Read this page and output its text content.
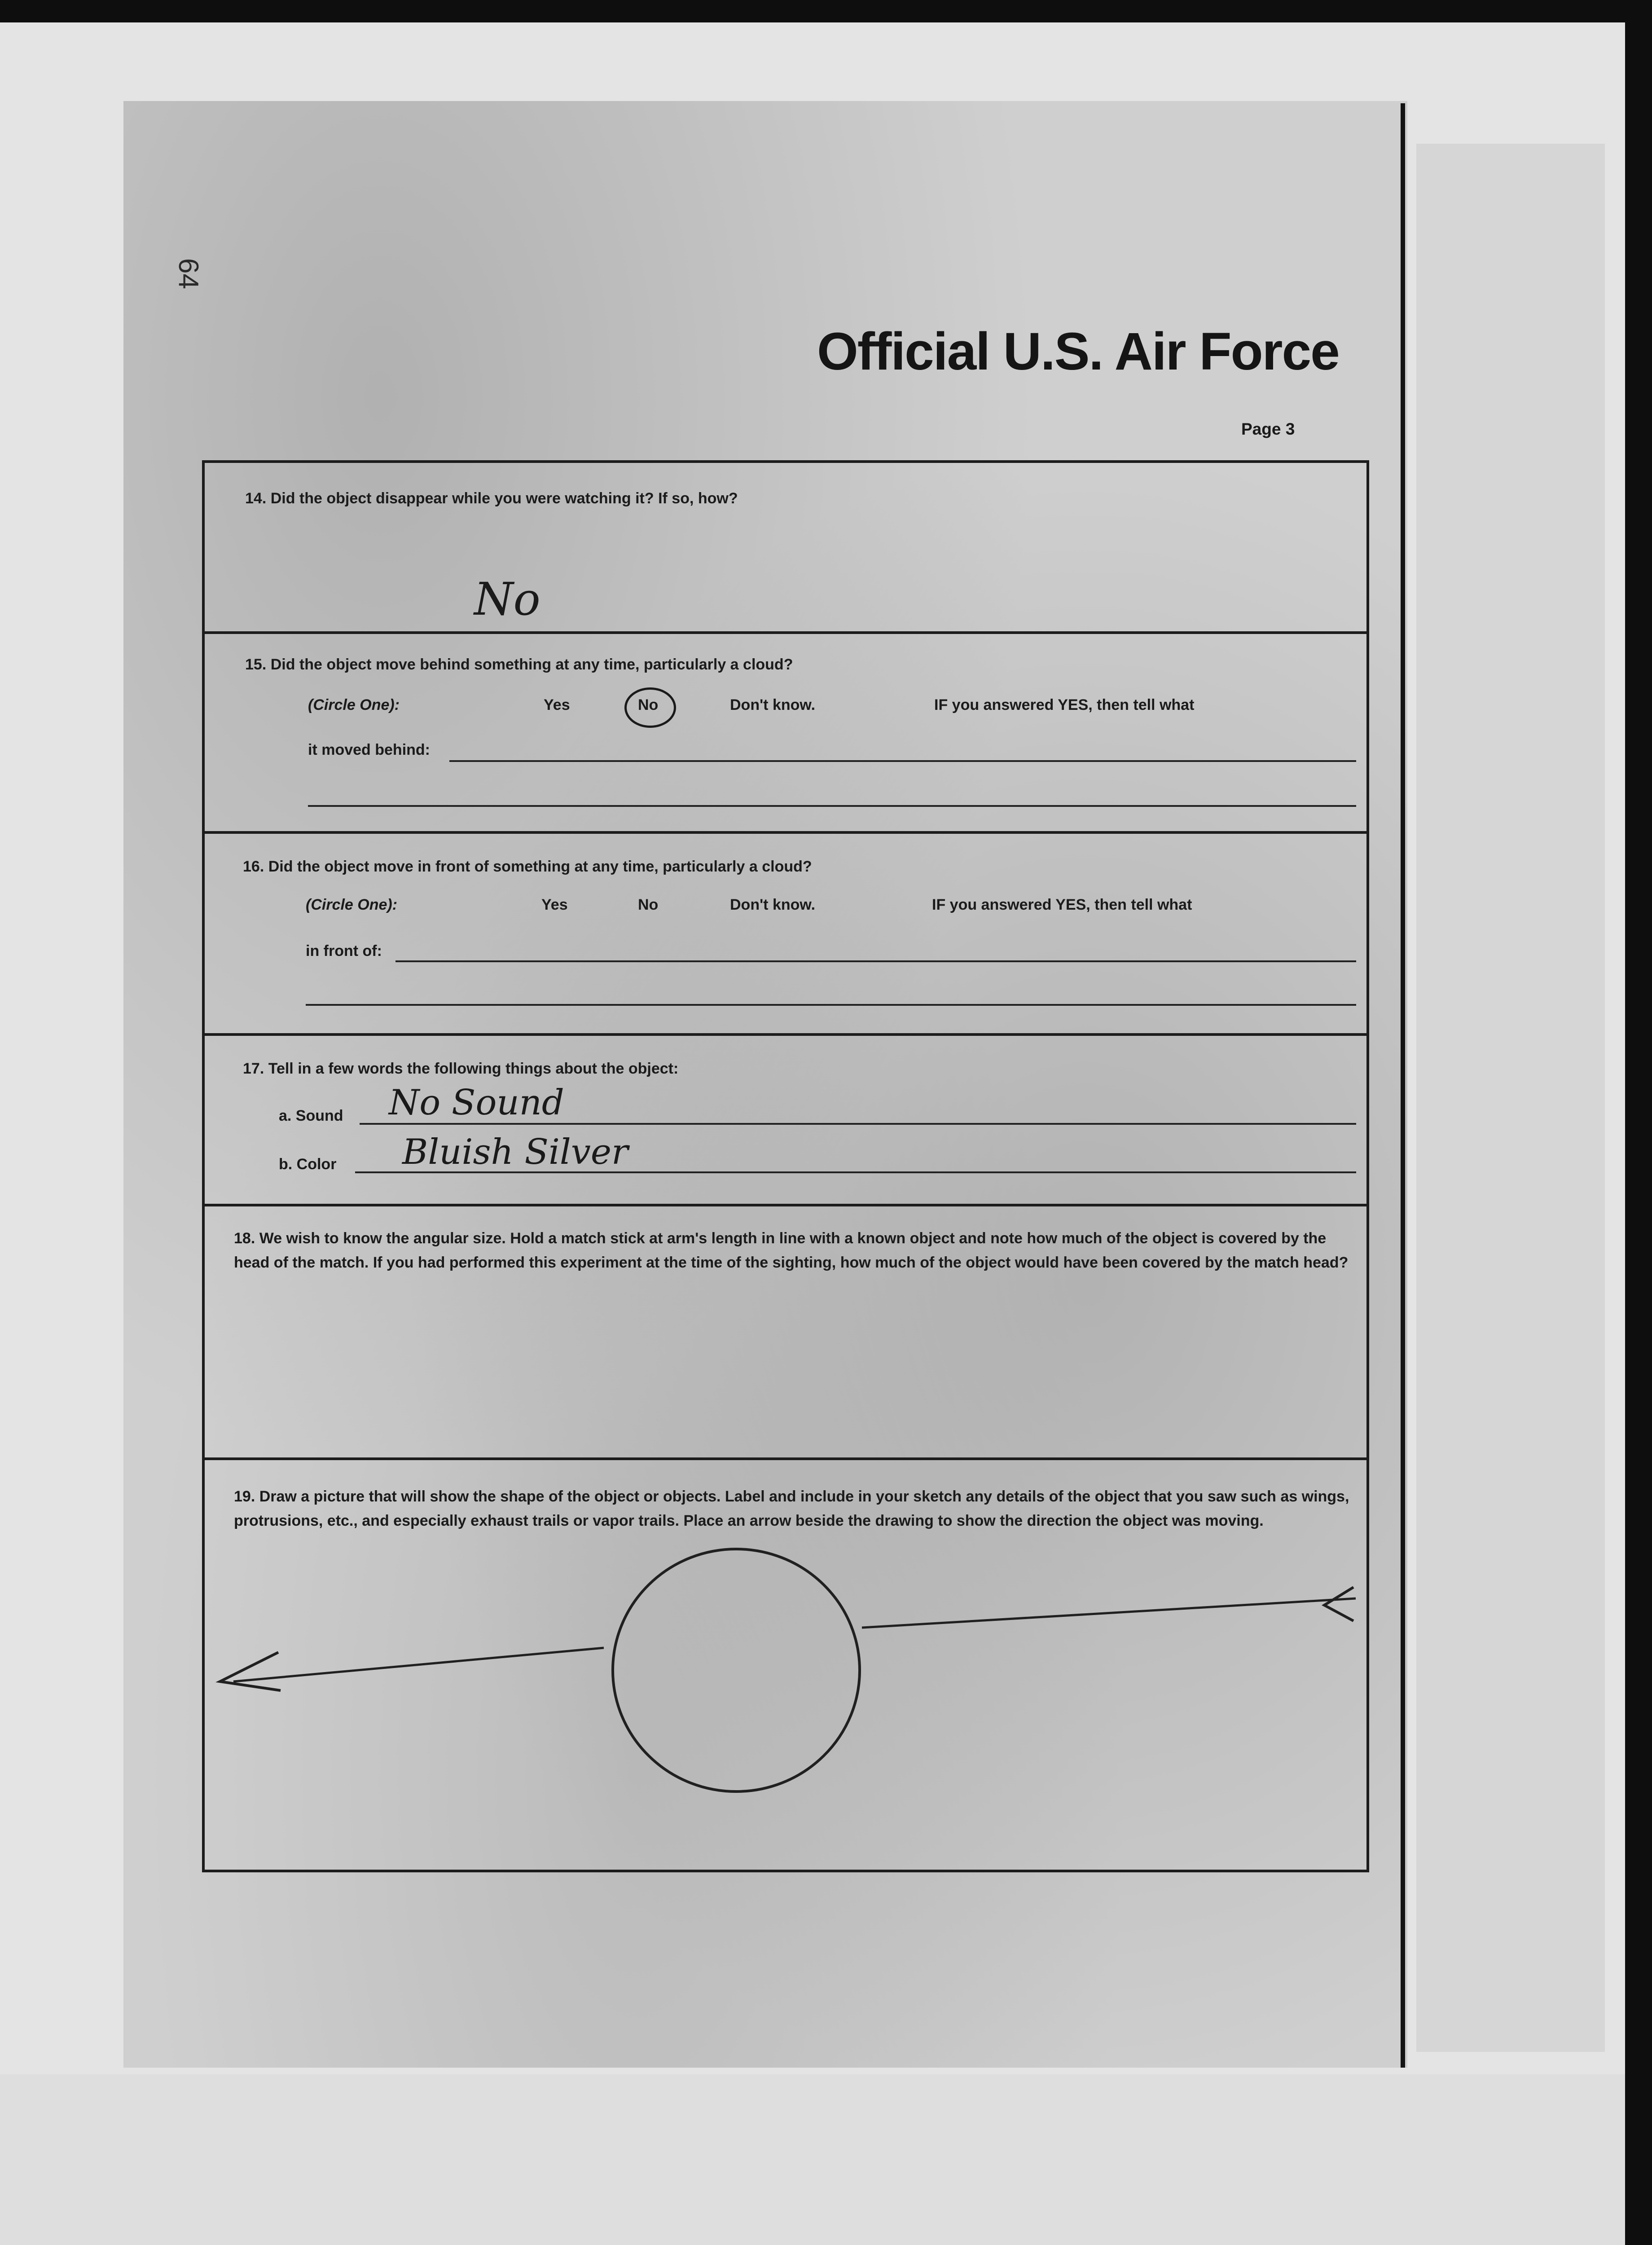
64
Official U.S. Air Force
Page 3
14. Did the object disappear while you were watching it? If so, how?
No
15. Did the object move behind something at any time, particularly a cloud?
(Circle One):	Yes	No	Don't know.	IF you answered YES, then tell what
it moved behind:
16. Did the object move in front of something at any time, particularly a cloud?
(Circle One):	Yes	No	Don't know.	IF you answered YES, then tell what
in front of:
17. Tell in a few words the following things about the object:
a. Sound No Sound
b. Color Bluish Silver
18. We wish to know the angular size. Hold a match stick at arm's length in line with a known object and note how much of the object is covered by the head of the match. If you had performed this experiment at the time of the sighting, how much of the object would have been covered by the match head?
19. Draw a picture that will show the shape of the object or objects. Label and include in your sketch any details of the object that you saw such as wings, protrusions, etc., and especially exhaust trails or vapor trails. Place an arrow beside the drawing to show the direction the object was moving.
